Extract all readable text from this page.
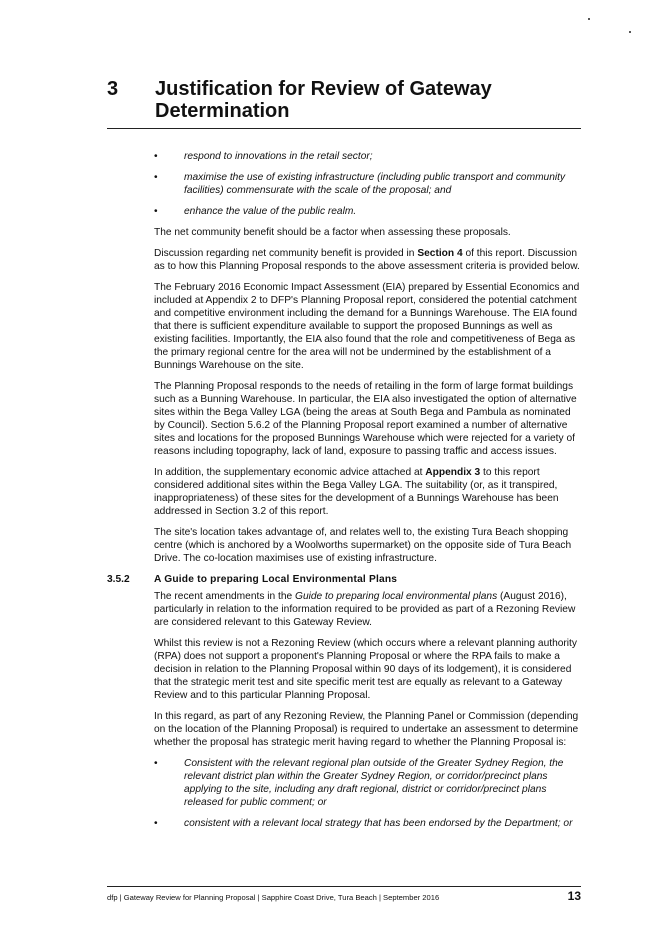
3 Justification for Review of Gateway Determination
•	respond to innovations in the retail sector;
•	maximise the use of existing infrastructure (including public transport and community facilities) commensurate with the scale of the proposal; and
•	enhance the value of the public realm.

The net community benefit should be a factor when assessing these proposals.

Discussion regarding net community benefit is provided in Section 4 of this report. Discussion as to how this Planning Proposal responds to the above assessment criteria is provided below.

The February 2016 Economic Impact Assessment (EIA) prepared by Essential Economics and included at Appendix 2 to DFP's Planning Proposal report, considered the potential catchment and competitive environment including the demand for a Bunnings Warehouse. The EIA found that there is sufficient expenditure available to support the proposed Bunnings as well as existing facilities. Importantly, the EIA also found that the role and competitiveness of Bega as the primary regional centre for the area will not be undermined by the establishment of a Bunnings Warehouse on the site.

The Planning Proposal responds to the needs of retailing in the form of large format buildings such as a Bunning Warehouse. In particular, the EIA also investigated the option of alternative sites within the Bega Valley LGA (being the areas at South Bega and Pambula as nominated by Council). Section 5.6.2 of the Planning Proposal report examined a number of alternative sites and locations for the proposed Bunnings Warehouse which were rejected for a variety of reasons including topography, lack of land, exposure to passing traffic and access issues.

In addition, the supplementary economic advice attached at Appendix 3 to this report considered additional sites within the Bega Valley LGA. The suitability (or, as it transpired, inappropriateness) of these sites for the development of a Bunnings Warehouse has been addressed in Section 3.2 of this report.

The site's location takes advantage of, and relates well to, the existing Tura Beach shopping centre (which is anchored by a Woolworths supermarket) on the opposite side of Tura Beach Drive. The co-location maximises use of existing infrastructure.

3.5.2 A Guide to preparing Local Environmental Plans

The recent amendments in the Guide to preparing local environmental plans (August 2016), particularly in relation to the information required to be provided as part of a Rezoning Review are considered relevant to this Gateway Review.

Whilst this review is not a Rezoning Review (which occurs where a relevant planning authority (RPA) does not support a proponent's Planning Proposal or where the RPA fails to make a decision in relation to the Planning Proposal within 90 days of its lodgement), it is considered that the strategic merit test and site specific merit test are equally as relevant to a Gateway Review and to this particular Planning Proposal.

In this regard, as part of any Rezoning Review, the Planning Panel or Commission (depending on the location of the Planning Proposal) is required to undertake an assessment to determine whether the proposal has strategic merit having regard to whether the Planning Proposal is:

•	Consistent with the relevant regional plan outside of the Greater Sydney Region, the relevant district plan within the Greater Sydney Region, or corridor/precinct plans applying to the site, including any draft regional, district or corridor/precinct plans released for public comment; or
•	consistent with a relevant local strategy that has been endorsed by the Department; or
dfp | Gateway Review for Planning Proposal | Sapphire Coast Drive, Tura Beach | September 2016	13
